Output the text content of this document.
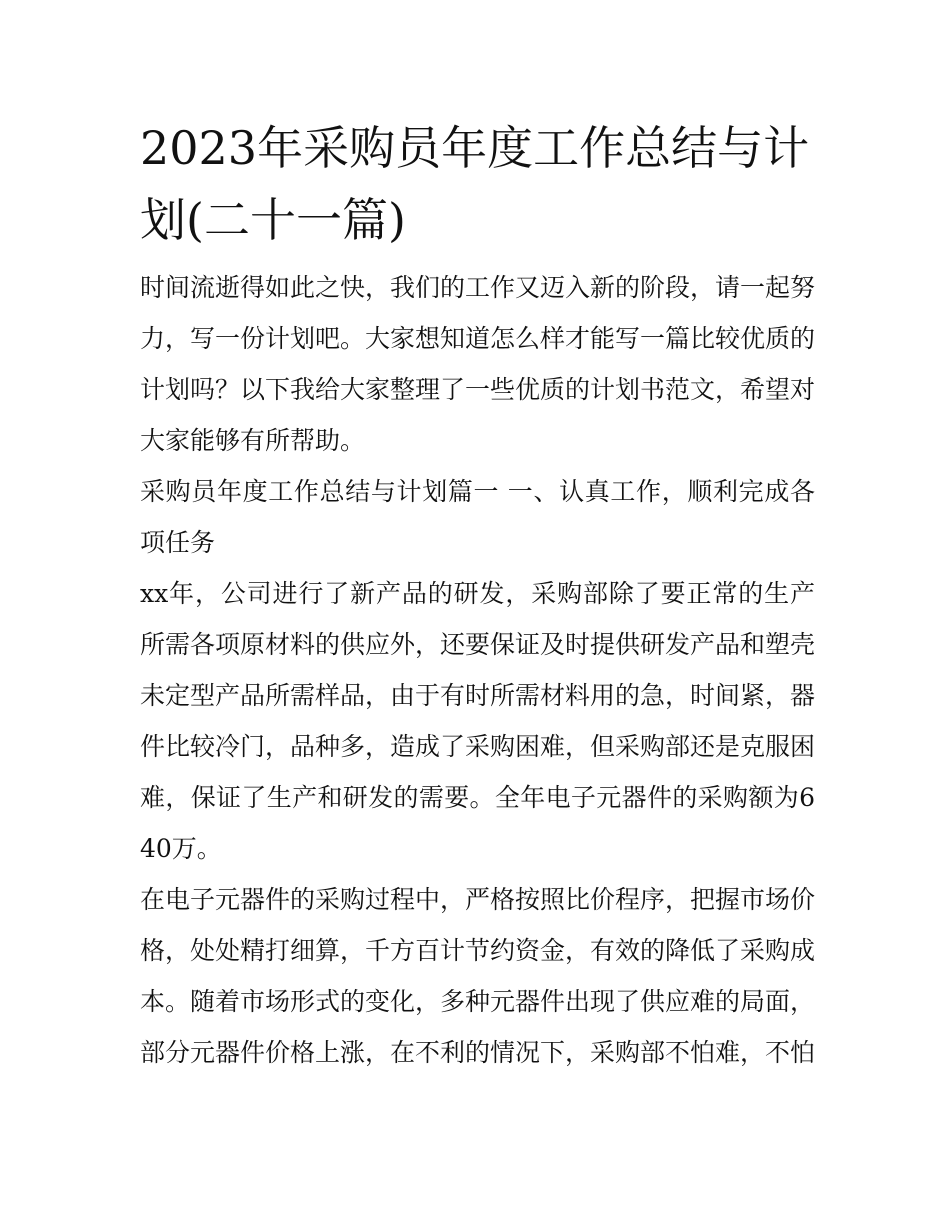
2023年采购员年度工作总结与计划(二十一篇)

时间流逝得如此之快，我们的工作又迈入新的阶段，请一起努力，写一份计划吧。大家想知道怎么样才能写一篇比较优质的计划吗？以下我给大家整理了一些优质的计划书范文，希望对大家能够有所帮助。

采购员年度工作总结与计划篇一 一、认真工作，顺利完成各项任务

xx年，公司进行了新产品的研发，采购部除了要正常的生产所需各项原材料的供应外，还要保证及时提供研发产品和塑壳未定型产品所需样品，由于有时所需材料用的急，时间紧，器件比较冷门，品种多，造成了采购困难，但采购部还是克服困难，保证了生产和研发的需要。全年电子元器件的采购额为640万。

在电子元器件的采购过程中，严格按照比价程序，把握市场价格，处处精打细算，千方百计节约资金，有效的降低了采购成本。随着市场形式的变化，多种元器件出现了供应难的局面，部分元器件价格上涨，在不利的情况下，采购部不怕难，不怕
